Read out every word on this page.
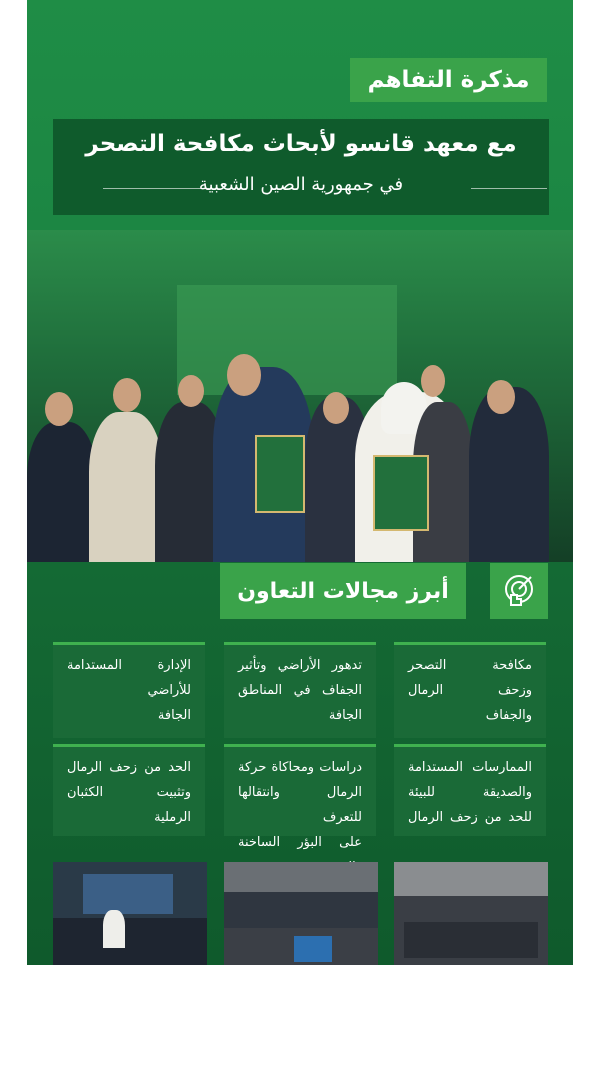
مذكرة التفاهم
مع معهد قانسو لأبحاث مكافحة التصحر
في جمهورية الصين الشعبية
أبرز مجالات التعاون
مكافحة التصحر
وزحف الرمال
والجفاف
تدهور الأراضي وتأثير
الجفاف في المناطق
الجافة
الإدارة المستدامة
للأراضي
الجافة
الممارسات المستدامة
والصديقة للبيئة
للحد من زحف الرمال
دراسات ومحاكاة حركة
الرمال وانتقالها للتعرف
على البؤر الساخنة
الحد من زحف الرمال
وتثبيت الكثبان
الرملية
